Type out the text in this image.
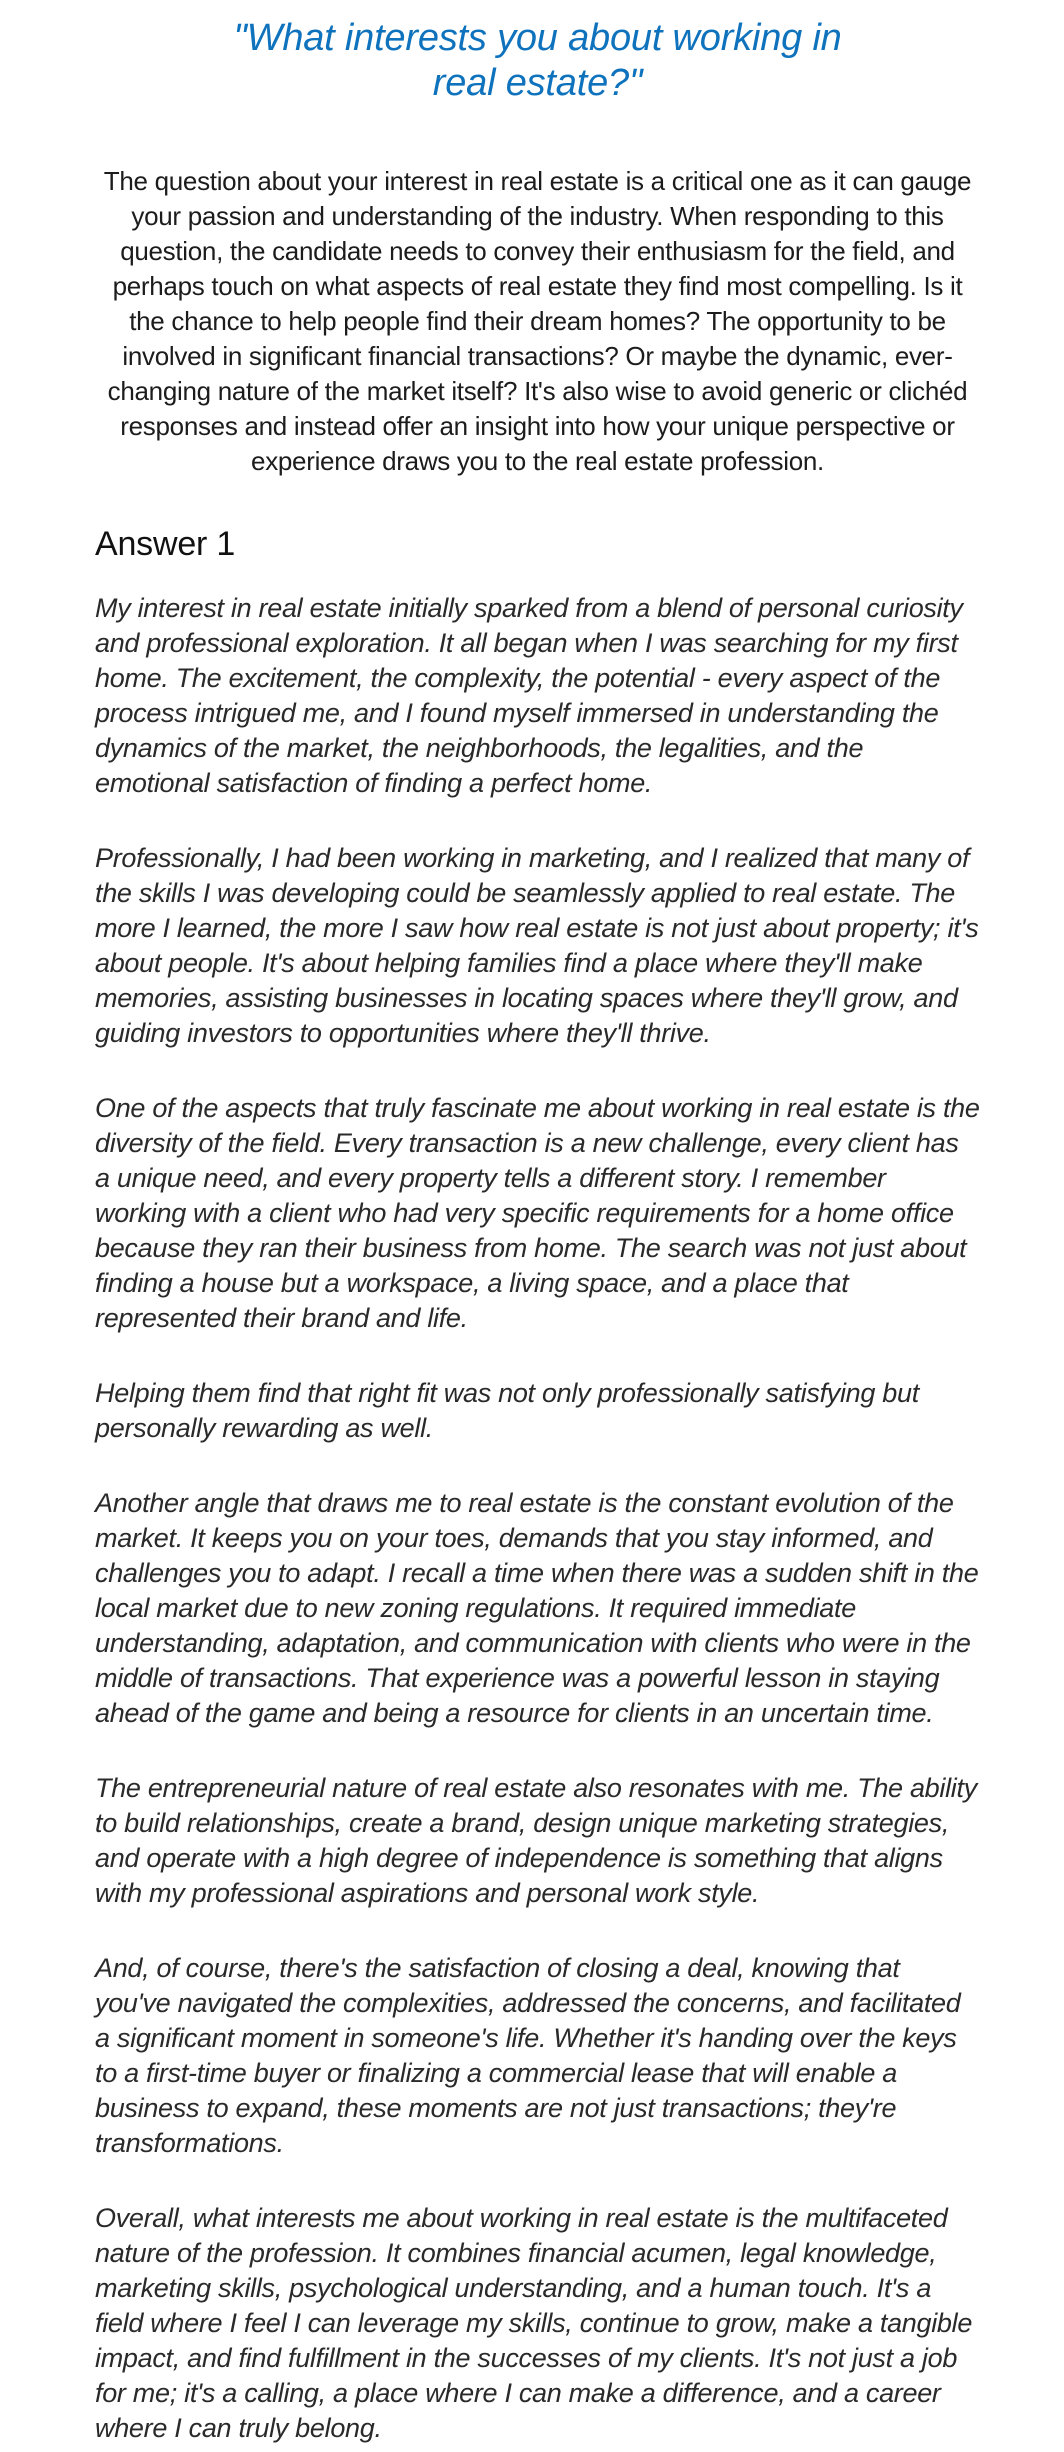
"What interests you about working in
real estate?"

The question about your interest in real estate is a critical one as it can gauge your passion and understanding of the industry. When responding to this question, the candidate needs to convey their enthusiasm for the field, and perhaps touch on what aspects of real estate they find most compelling. Is it the chance to help people find their dream homes? The opportunity to be involved in significant financial transactions? Or maybe the dynamic, ever-changing nature of the market itself? It's also wise to avoid generic or clichéd responses and instead offer an insight into how your unique perspective or experience draws you to the real estate profession.

Answer 1

My interest in real estate initially sparked from a blend of personal curiosity and professional exploration. It all began when I was searching for my first home. The excitement, the complexity, the potential - every aspect of the process intrigued me, and I found myself immersed in understanding the dynamics of the market, the neighborhoods, the legalities, and the emotional satisfaction of finding a perfect home.

Professionally, I had been working in marketing, and I realized that many of the skills I was developing could be seamlessly applied to real estate. The more I learned, the more I saw how real estate is not just about property; it's about people. It's about helping families find a place where they'll make memories, assisting businesses in locating spaces where they'll grow, and guiding investors to opportunities where they'll thrive.

One of the aspects that truly fascinate me about working in real estate is the diversity of the field. Every transaction is a new challenge, every client has a unique need, and every property tells a different story. I remember working with a client who had very specific requirements for a home office because they ran their business from home. The search was not just about finding a house but a workspace, a living space, and a place that represented their brand and life.

Helping them find that right fit was not only professionally satisfying but personally rewarding as well.

Another angle that draws me to real estate is the constant evolution of the market. It keeps you on your toes, demands that you stay informed, and challenges you to adapt. I recall a time when there was a sudden shift in the local market due to new zoning regulations. It required immediate understanding, adaptation, and communication with clients who were in the middle of transactions. That experience was a powerful lesson in staying ahead of the game and being a resource for clients in an uncertain time.

The entrepreneurial nature of real estate also resonates with me. The ability to build relationships, create a brand, design unique marketing strategies, and operate with a high degree of independence is something that aligns with my professional aspirations and personal work style.

And, of course, there's the satisfaction of closing a deal, knowing that you've navigated the complexities, addressed the concerns, and facilitated a significant moment in someone's life. Whether it's handing over the keys to a first-time buyer or finalizing a commercial lease that will enable a business to expand, these moments are not just transactions; they're transformations.

Overall, what interests me about working in real estate is the multifaceted nature of the profession. It combines financial acumen, legal knowledge, marketing skills, psychological understanding, and a human touch. It's a field where I feel I can leverage my skills, continue to grow, make a tangible impact, and find fulfillment in the successes of my clients. It's not just a job for me; it's a calling, a place where I can make a difference, and a career where I can truly belong.
